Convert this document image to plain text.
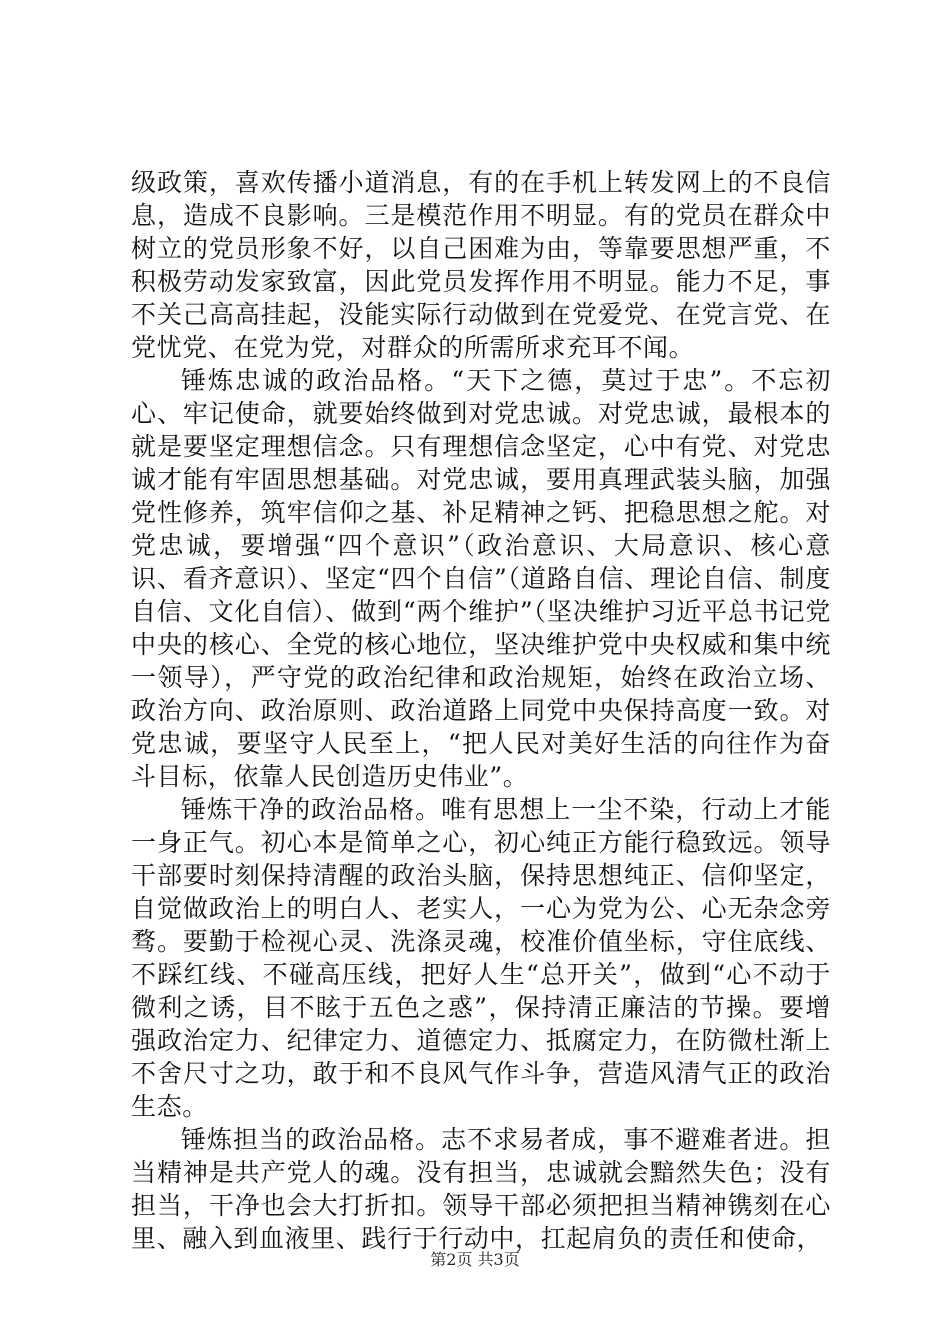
级政策，喜欢传播小道消息，有的在手机上转发网上的不良信息，造成不良影响。三是模范作用不明显。有的党员在群众中树立的党员形象不好，以自己困难为由，等靠要思想严重，不积极劳动发家致富，因此党员发挥作用不明显。能力不足，事不关己高高挂起，没能实际行动做到在党爱党、在党言党、在党忧党、在党为党，对群众的所需所求充耳不闻。

锤炼忠诚的政治品格。“天下之德，莫过于忠”。不忘初心、牢记使命，就要始终做到对党忠诚。对党忠诚，最根本的就是要坚定理想信念。只有理想信念坚定，心中有党、对党忠诚才能有牢固思想基础。对党忠诚，要用真理武装头脑，加强党性修养，筑牢信仰之基、补足精神之钙、把稳思想之舵。对党忠诚，要增强“四个意识”（政治意识、大局意识、核心意识、看齐意识）、坚定“四个自信”（道路自信、理论自信、制度自信、文化自信）、做到“两个维护”（坚决维护习近平总书记党中央的核心、全党的核心地位，坚决维护党中央权威和集中统一领导），严守党的政治纪律和政治规矩，始终在政治立场、政治方向、政治原则、政治道路上同党中央保持高度一致。对党忠诚，要坚守人民至上，“把人民对美好生活的向往作为奋斗目标，依靠人民创造历史伟业”。

锤炼干净的政治品格。唯有思想上一尘不染，行动上才能一身正气。初心本是简单之心，初心纯正方能行稳致远。领导干部要时刻保持清醒的政治头脑，保持思想纯正、信仰坚定，自觉做政治上的明白人、老实人，一心为党为公、心无杂念旁骛。要勤于检视心灵、洗涤灵魂，校准价值坐标，守住底线、不踩红线、不碰高压线，把好人生“总开关”，做到“心不动于微利之诱，目不眩于五色之惑”，保持清正廉洁的节操。要增强政治定力、纪律定力、道德定力、抵腐定力，在防微杜渐上不舍尺寸之功，敢于和不良风气作斗争，营造风清气正的政治生态。

锤炼担当的政治品格。志不求易者成，事不避难者进。担当精神是共产党人的魂。没有担当，忠诚就会黯然失色；没有担当，干净也会大打折扣。领导干部必须把担当精神镌刻在心里、融入到血液里、践行于行动中，扛起肩负的责任和使命，

第2页 共3页
